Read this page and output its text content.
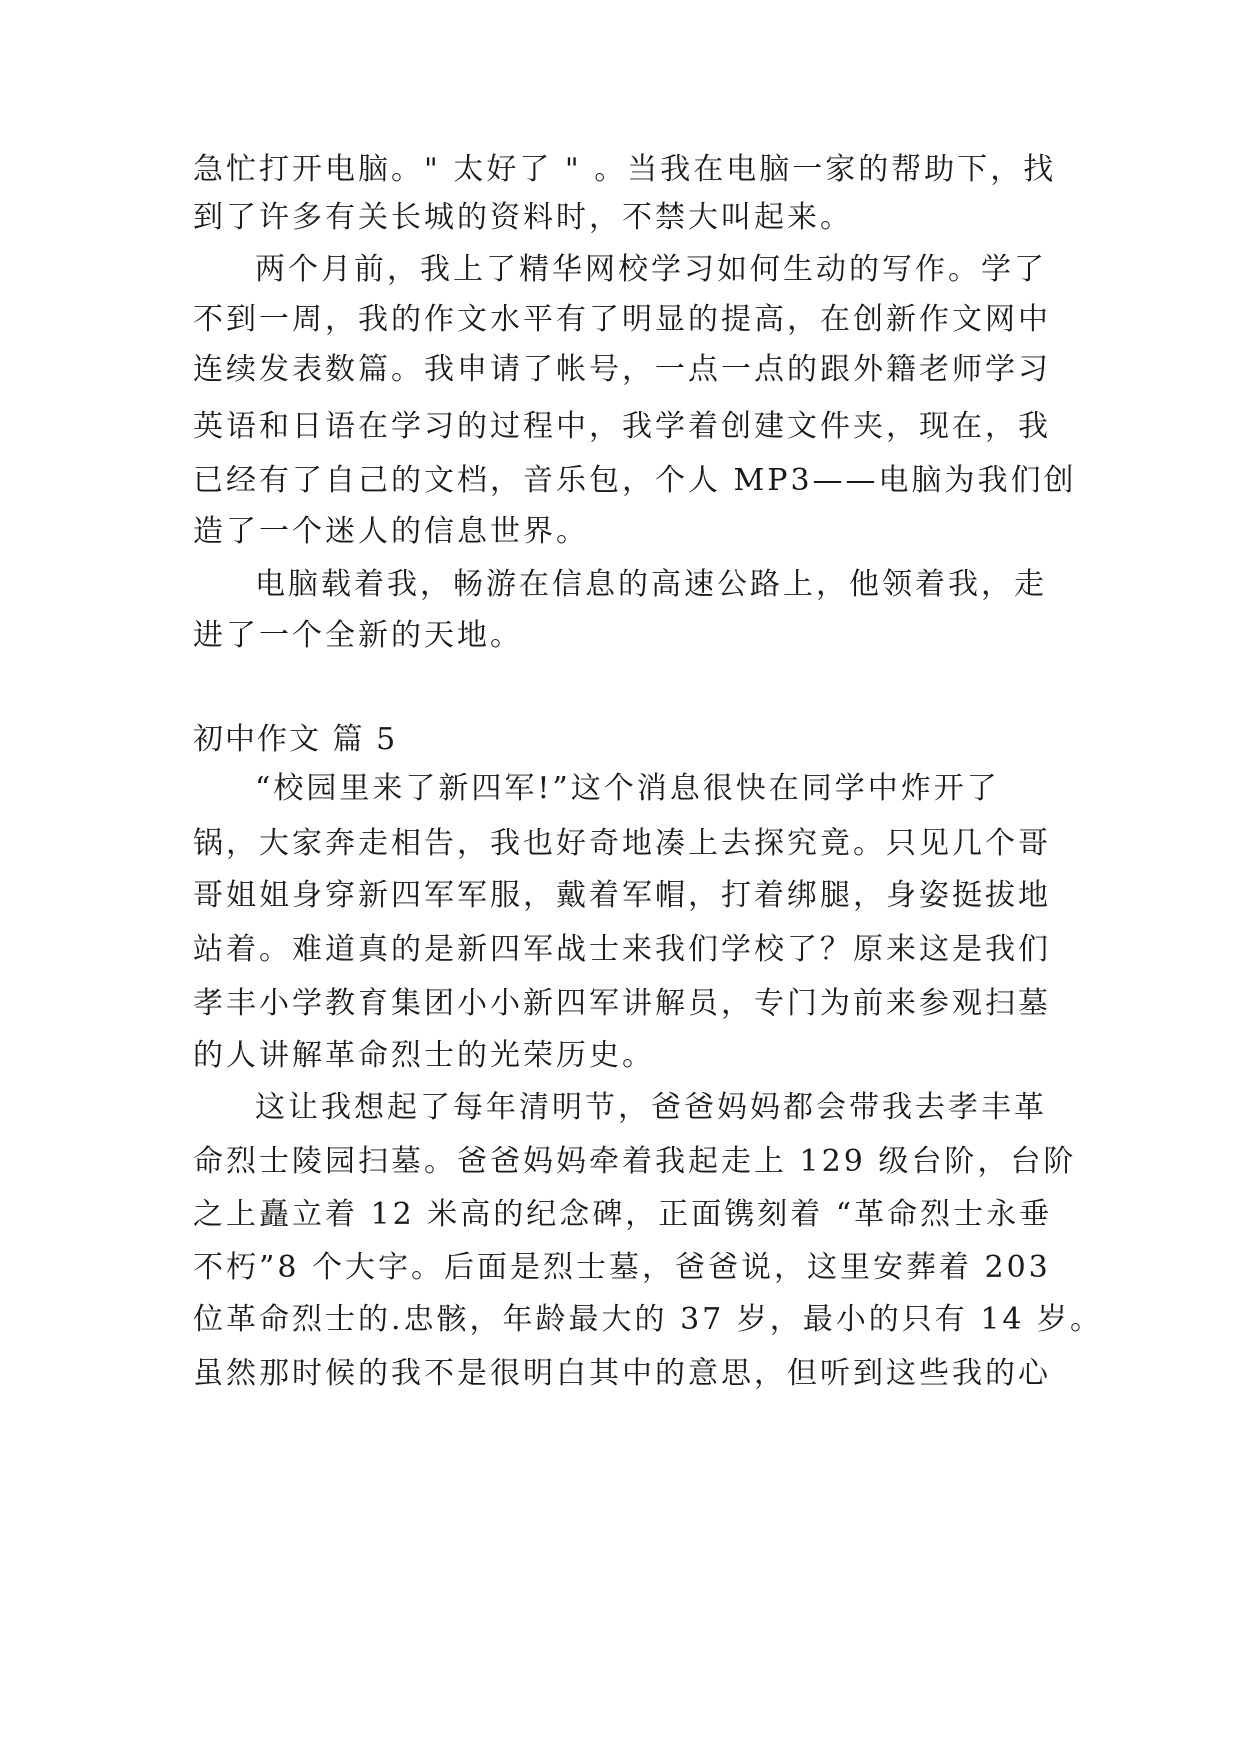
急忙打开电脑。" 太好了 " 。当我在电脑一家的帮助下，找
到了许多有关长城的资料时，不禁大叫起来。
两个月前，我上了精华网校学习如何生动的写作。学了
不到一周，我的作文水平有了明显的提高，在创新作文网中
连续发表数篇。我申请了帐号，一点一点的跟外籍老师学习
英语和日语在学习的过程中，我学着创建文件夹，现在，我
已经有了自己的文档，音乐包，个人 MP3——电脑为我们创
造了一个迷人的信息世界。
电脑载着我，畅游在信息的高速公路上，他领着我，走
进了一个全新的天地。
初中作文 篇 5
“校园里来了新四军!”这个消息很快在同学中炸开了
锅，大家奔走相告，我也好奇地凑上去探究竟。只见几个哥
哥姐姐身穿新四军军服，戴着军帽，打着绑腿，身姿挺拔地
站着。难道真的是新四军战士来我们学校了？原来这是我们
孝丰小学教育集团小小新四军讲解员，专门为前来参观扫墓
的人讲解革命烈士的光荣历史。
这让我想起了每年清明节，爸爸妈妈都会带我去孝丰革
命烈士陵园扫墓。爸爸妈妈牵着我起走上 129 级台阶，台阶
之上矗立着 12 米高的纪念碑，正面镌刻着 “革命烈士永垂
不朽”8 个大字。后面是烈士墓，爸爸说，这里安葬着 203
位革命烈士的.忠骸，年龄最大的 37 岁，最小的只有 14 岁。
虽然那时候的我不是很明白其中的意思，但听到这些我的心
